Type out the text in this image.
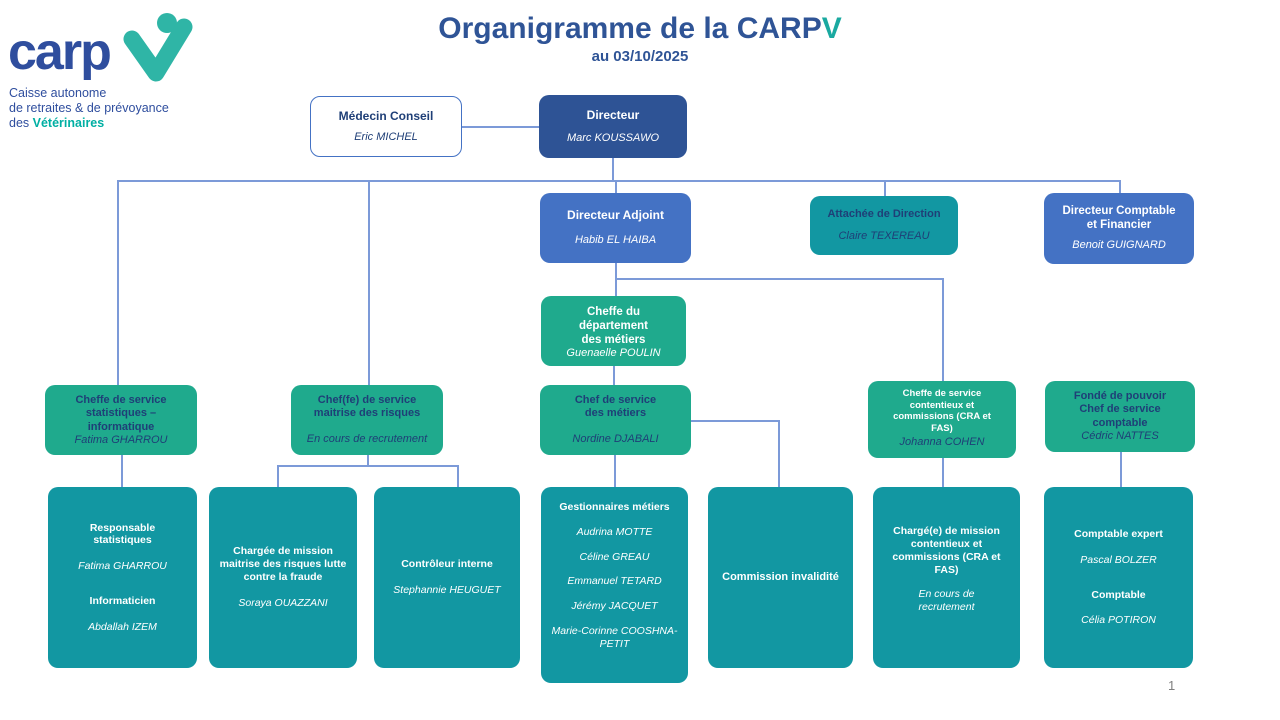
carp
Caisse autonome
de retraites & de prévoyance
des Vétérinaires
Organigramme de la CARPV
au 03/10/2025
Médecin Conseil
Eric MICHEL
Directeur
Marc KOUSSAWO
Directeur Adjoint
Habib EL HAIBA
Attachée de Direction
Claire TEXEREAU
Directeur Comptable et Financier
Benoit GUIGNARD
Cheffe du département des métiers
Guenaelle POULIN
Cheffe de service statistiques – informatique
Fatima GHARROU
Chef(fe) de service maitrise des risques
En cours de recrutement
Chef de service des métiers
Nordine DJABALI
Cheffe de service contentieux et commissions (CRA et FAS)
Johanna COHEN
Fondé de pouvoir Chef de service comptable
Cédric NATTES
Responsable statistiques
Fatima GHARROU
Informaticien
Abdallah IZEM
Chargée de mission maitrise des risques lutte contre la fraude
Soraya OUAZZANI
Contrôleur interne
Stephannie HEUGUET
Gestionnaires métiers
Audrina MOTTE
Céline GREAU
Emmanuel TETARD
Jérémy JACQUET
Marie-Corinne COOSHNA-PETIT
Commission invalidité
Chargé(e) de mission contentieux et commissions (CRA et FAS)
En cours de recrutement
Comptable expert
Pascal BOLZER
Comptable
Célia POTIRON
1
